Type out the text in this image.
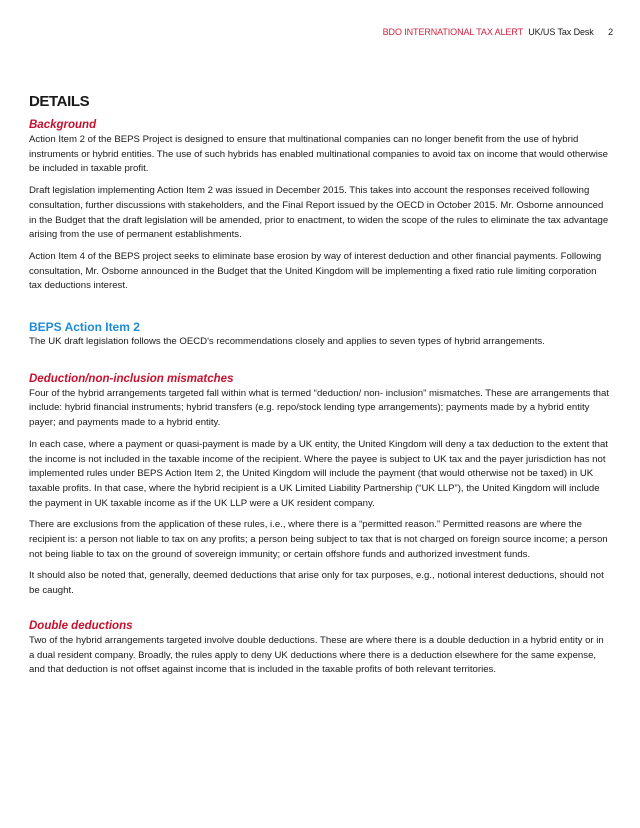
BDO INTERNATIONAL TAX ALERT UK/US Tax Desk 2
DETAILS
Background

Action Item 2 of the BEPS Project is designed to ensure that multinational companies can no longer benefit from the use of hybrid instruments or hybrid entities. The use of such hybrids has enabled multinational companies to avoid tax on income that would otherwise be included in taxable profit.

Draft legislation implementing Action Item 2 was issued in December 2015. This takes into account the responses received following consultation, further discussions with stakeholders, and the Final Report issued by the OECD in October 2015. Mr. Osborne announced in the Budget that the draft legislation will be amended, prior to enactment, to widen the scope of the rules to eliminate the tax advantage arising from the use of permanent establishments.

Action Item 4 of the BEPS project seeks to eliminate base erosion by way of interest deduction and other financial payments. Following consultation, Mr. Osborne announced in the Budget that the United Kingdom will be implementing a fixed ratio rule limiting corporation tax deductions interest.

BEPS Action Item 2

The UK draft legislation follows the OECD's recommendations closely and applies to seven types of hybrid arrangements.

Deduction/non-inclusion mismatches

Four of the hybrid arrangements targeted fall within what is termed “deduction/ non- inclusion” mismatches. These are arrangements that include: hybrid financial instruments; hybrid transfers (e.g. repo/stock lending type arrangements); payments made by a hybrid entity payer; and payments made to a hybrid entity.

In each case, where a payment or quasi-payment is made by a UK entity, the United Kingdom will deny a tax deduction to the extent that the income is not included in the taxable income of the recipient. Where the payee is subject to UK tax and the payer jurisdiction has not implemented rules under BEPS Action Item 2, the United Kingdom will include the payment (that would otherwise not be taxed) in UK taxable profits. In that case, where the hybrid recipient is a UK Limited Liability Partnership (“UK LLP”), the United Kingdom will include the payment in UK taxable income as if the UK LLP were a UK resident company.

There are exclusions from the application of these rules, i.e., where there is a “permitted reason.” Permitted reasons are where the recipient is: a person not liable to tax on any profits; a person being subject to tax that is not charged on foreign source income; a person not being liable to tax on the ground of sovereign immunity; or certain offshore funds and authorized investment funds.

It should also be noted that, generally, deemed deductions that arise only for tax purposes, e.g., notional interest deductions, should not be caught.

Double deductions

Two of the hybrid arrangements targeted involve double deductions. These are where there is a double deduction in a hybrid entity or in a dual resident company. Broadly, the rules apply to deny UK deductions where there is a deduction elsewhere for the same expense, and that deduction is not offset against income that is included in the taxable profits of both relevant territories.
